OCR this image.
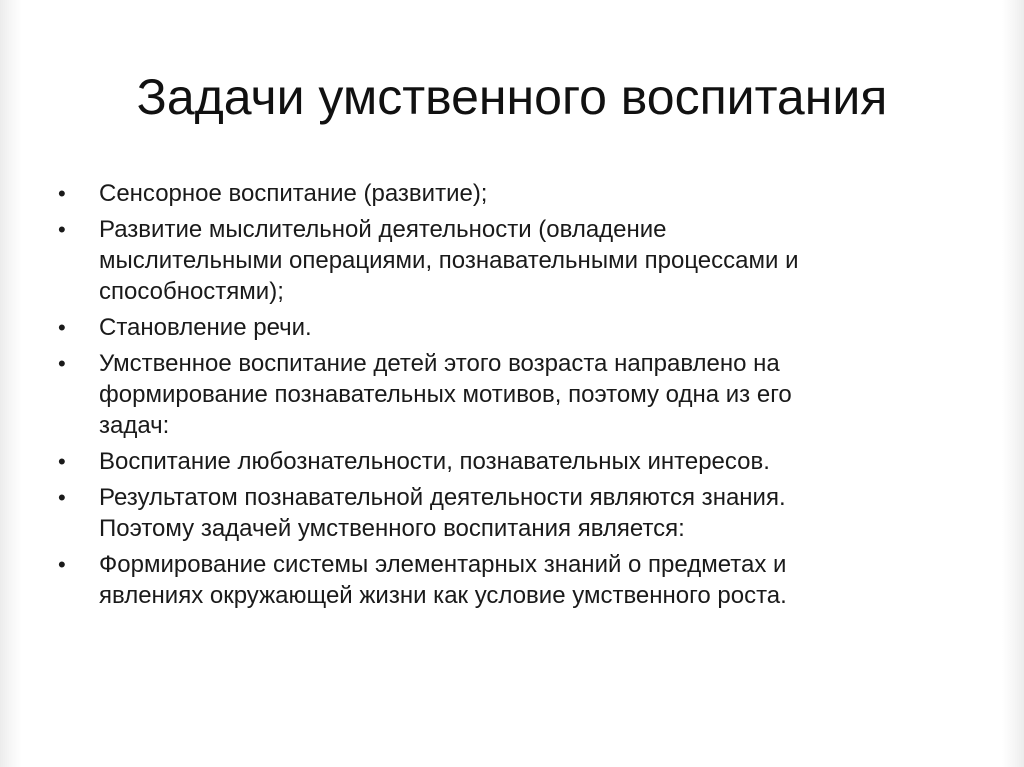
Задачи умственного воспитания
•	Сенсорное воспитание (развитие);
•	Развитие мыслительной деятельности (овладение
мыслительными операциями, познавательными процессами и
способностями);
•	Становление речи.
•	Умственное воспитание детей этого возраста направлено на
формирование познавательных мотивов, поэтому одна из его
задач:
•	Воспитание любознательности, познавательных интересов.
•	Результатом познавательной деятельности являются знания.
Поэтому задачей умственного воспитания является:
•	Формирование системы элементарных знаний о предметах и
явлениях окружающей жизни как условие умственного роста.
